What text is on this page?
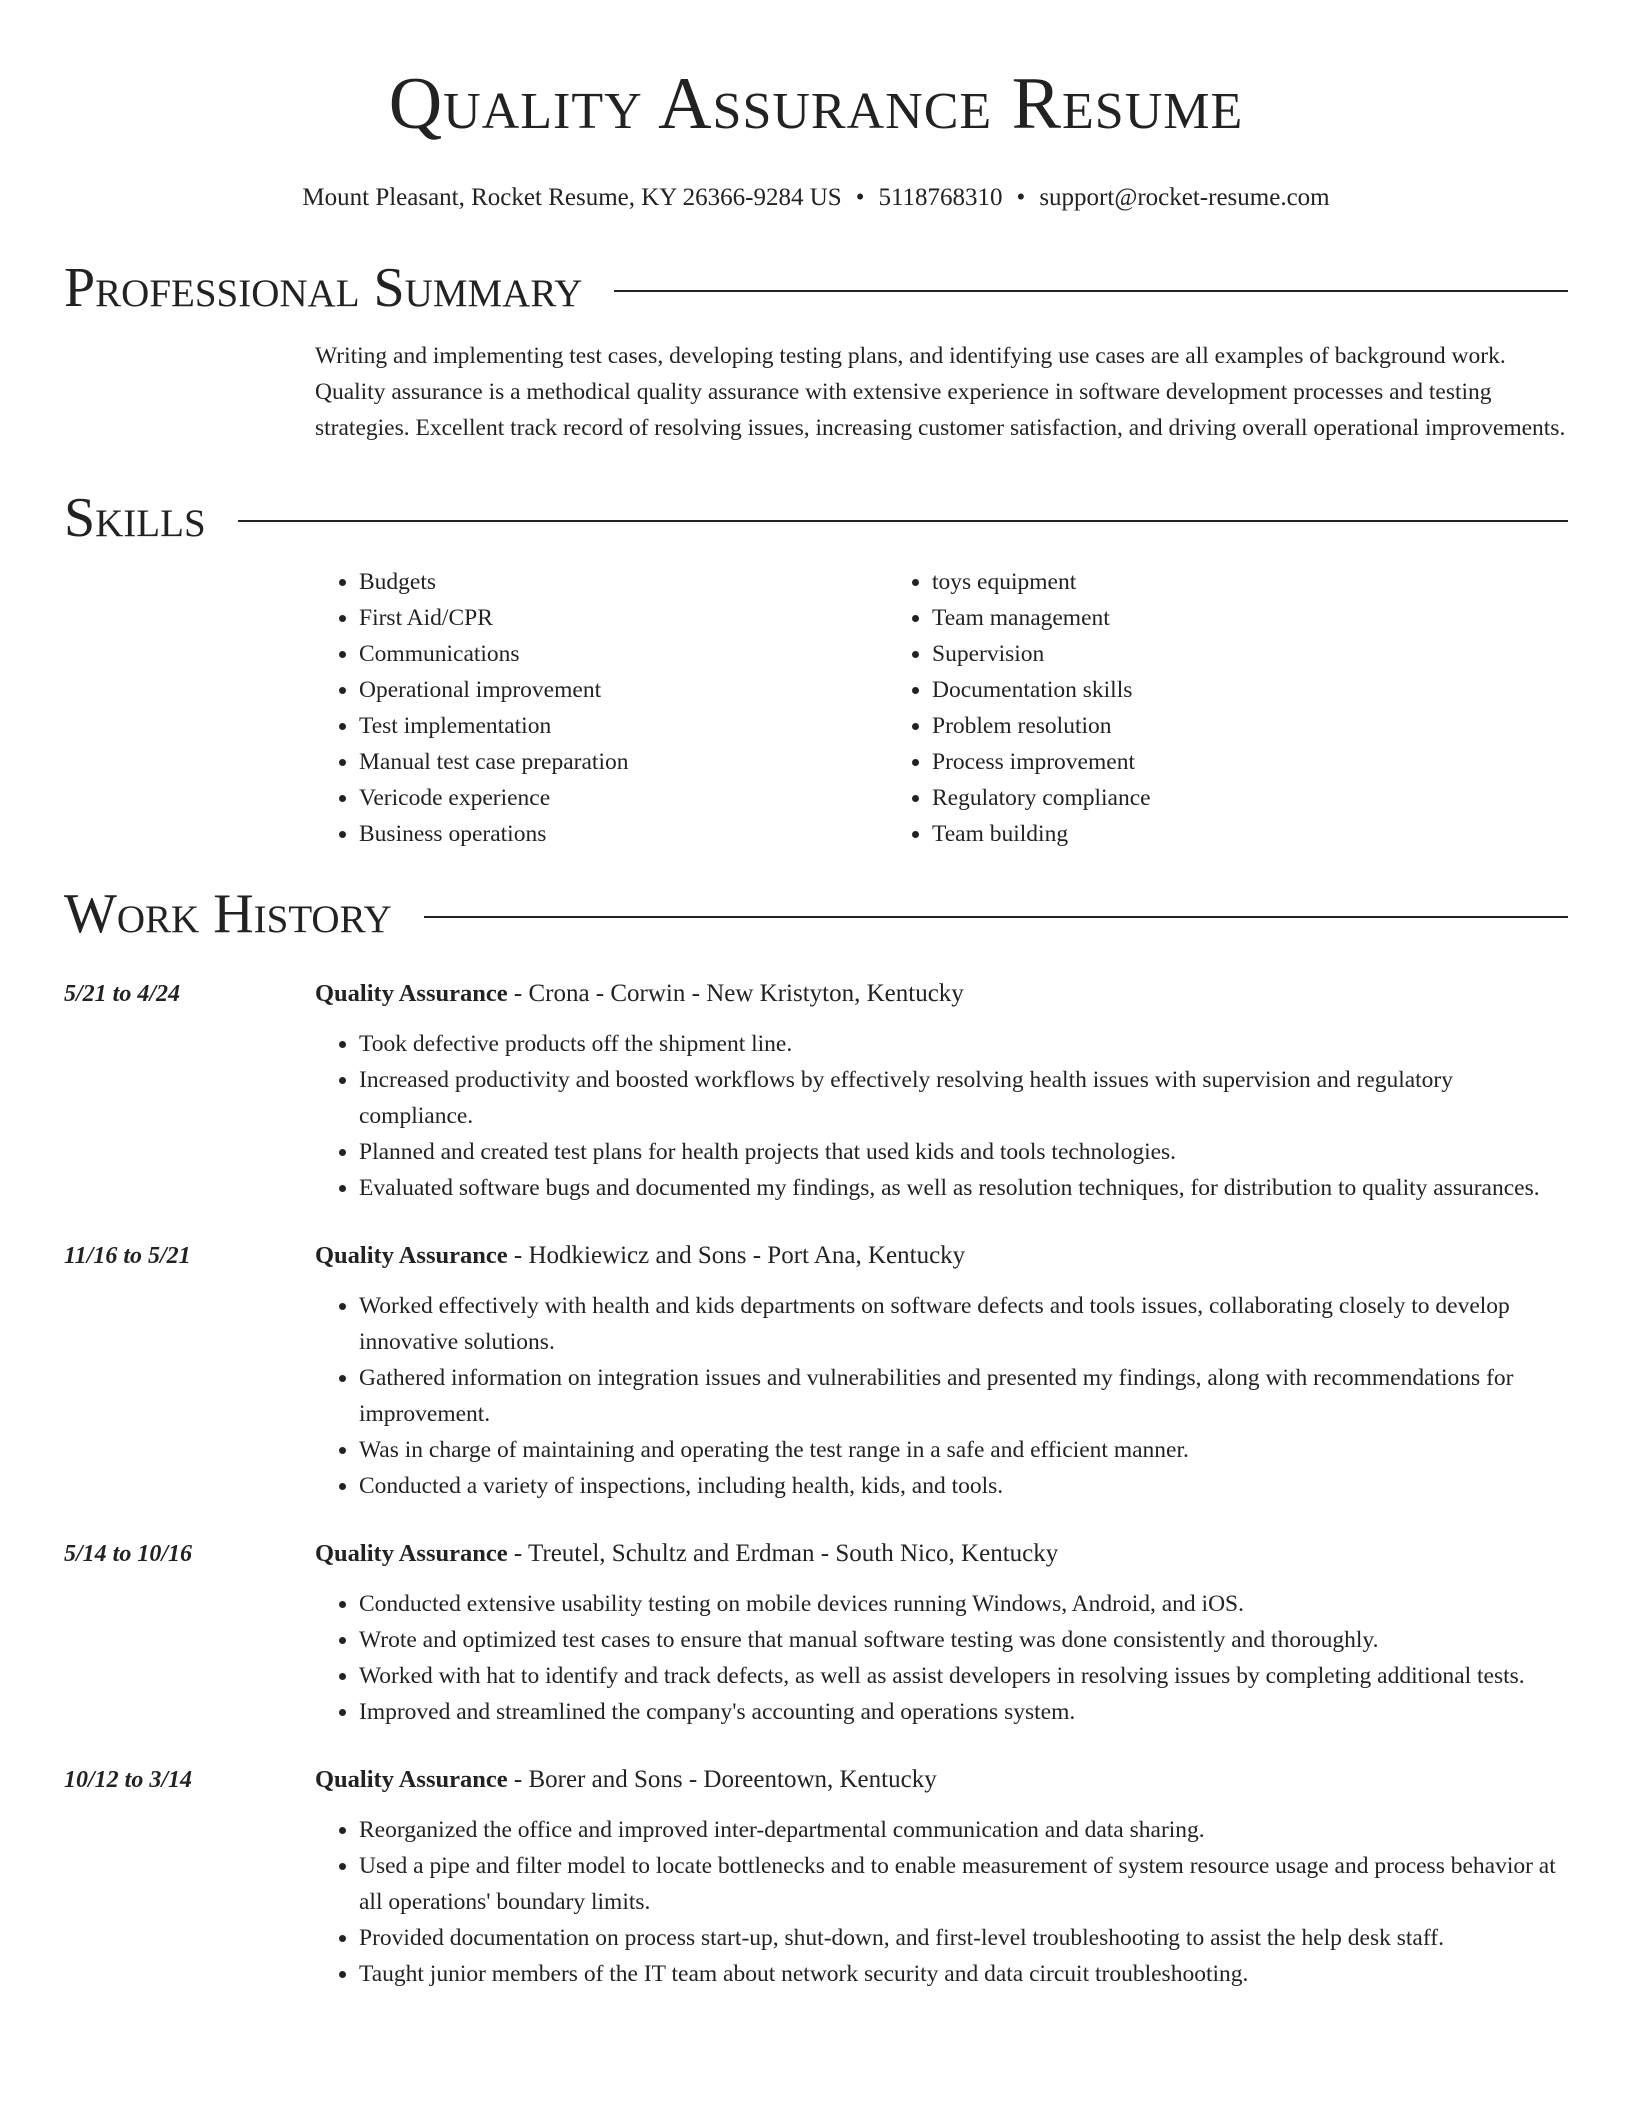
Quality Assurance Resume
Mount Pleasant, Rocket Resume, KY 26366-9284 US • 5118768310 • support@rocket-resume.com
Professional Summary
Writing and implementing test cases, developing testing plans, and identifying use cases are all examples of background work. Quality assurance is a methodical quality assurance with extensive experience in software development processes and testing strategies. Excellent track record of resolving issues, increasing customer satisfaction, and driving overall operational improvements.
Skills
• Budgets
• First Aid/CPR
• Communications
• Operational improvement
• Test implementation
• Manual test case preparation
• Vericode experience
• Business operations
• toys equipment
• Team management
• Supervision
• Documentation skills
• Problem resolution
• Process improvement
• Regulatory compliance
• Team building
Work History
5/21 to 4/24	Quality Assurance - Crona - Corwin - New Kristyton, Kentucky
• Took defective products off the shipment line.
• Increased productivity and boosted workflows by effectively resolving health issues with supervision and regulatory compliance.
• Planned and created test plans for health projects that used kids and tools technologies.
• Evaluated software bugs and documented my findings, as well as resolution techniques, for distribution to quality assurances.
11/16 to 5/21	Quality Assurance - Hodkiewicz and Sons - Port Ana, Kentucky
• Worked effectively with health and kids departments on software defects and tools issues, collaborating closely to develop innovative solutions.
• Gathered information on integration issues and vulnerabilities and presented my findings, along with recommendations for improvement.
• Was in charge of maintaining and operating the test range in a safe and efficient manner.
• Conducted a variety of inspections, including health, kids, and tools.
5/14 to 10/16	Quality Assurance - Treutel, Schultz and Erdman - South Nico, Kentucky
• Conducted extensive usability testing on mobile devices running Windows, Android, and iOS.
• Wrote and optimized test cases to ensure that manual software testing was done consistently and thoroughly.
• Worked with hat to identify and track defects, as well as assist developers in resolving issues by completing additional tests.
• Improved and streamlined the company's accounting and operations system.
10/12 to 3/14	Quality Assurance - Borer and Sons - Doreentown, Kentucky
• Reorganized the office and improved inter-departmental communication and data sharing.
• Used a pipe and filter model to locate bottlenecks and to enable measurement of system resource usage and process behavior at all operations' boundary limits.
• Provided documentation on process start-up, shut-down, and first-level troubleshooting to assist the help desk staff.
• Taught junior members of the IT team about network security and data circuit troubleshooting.
